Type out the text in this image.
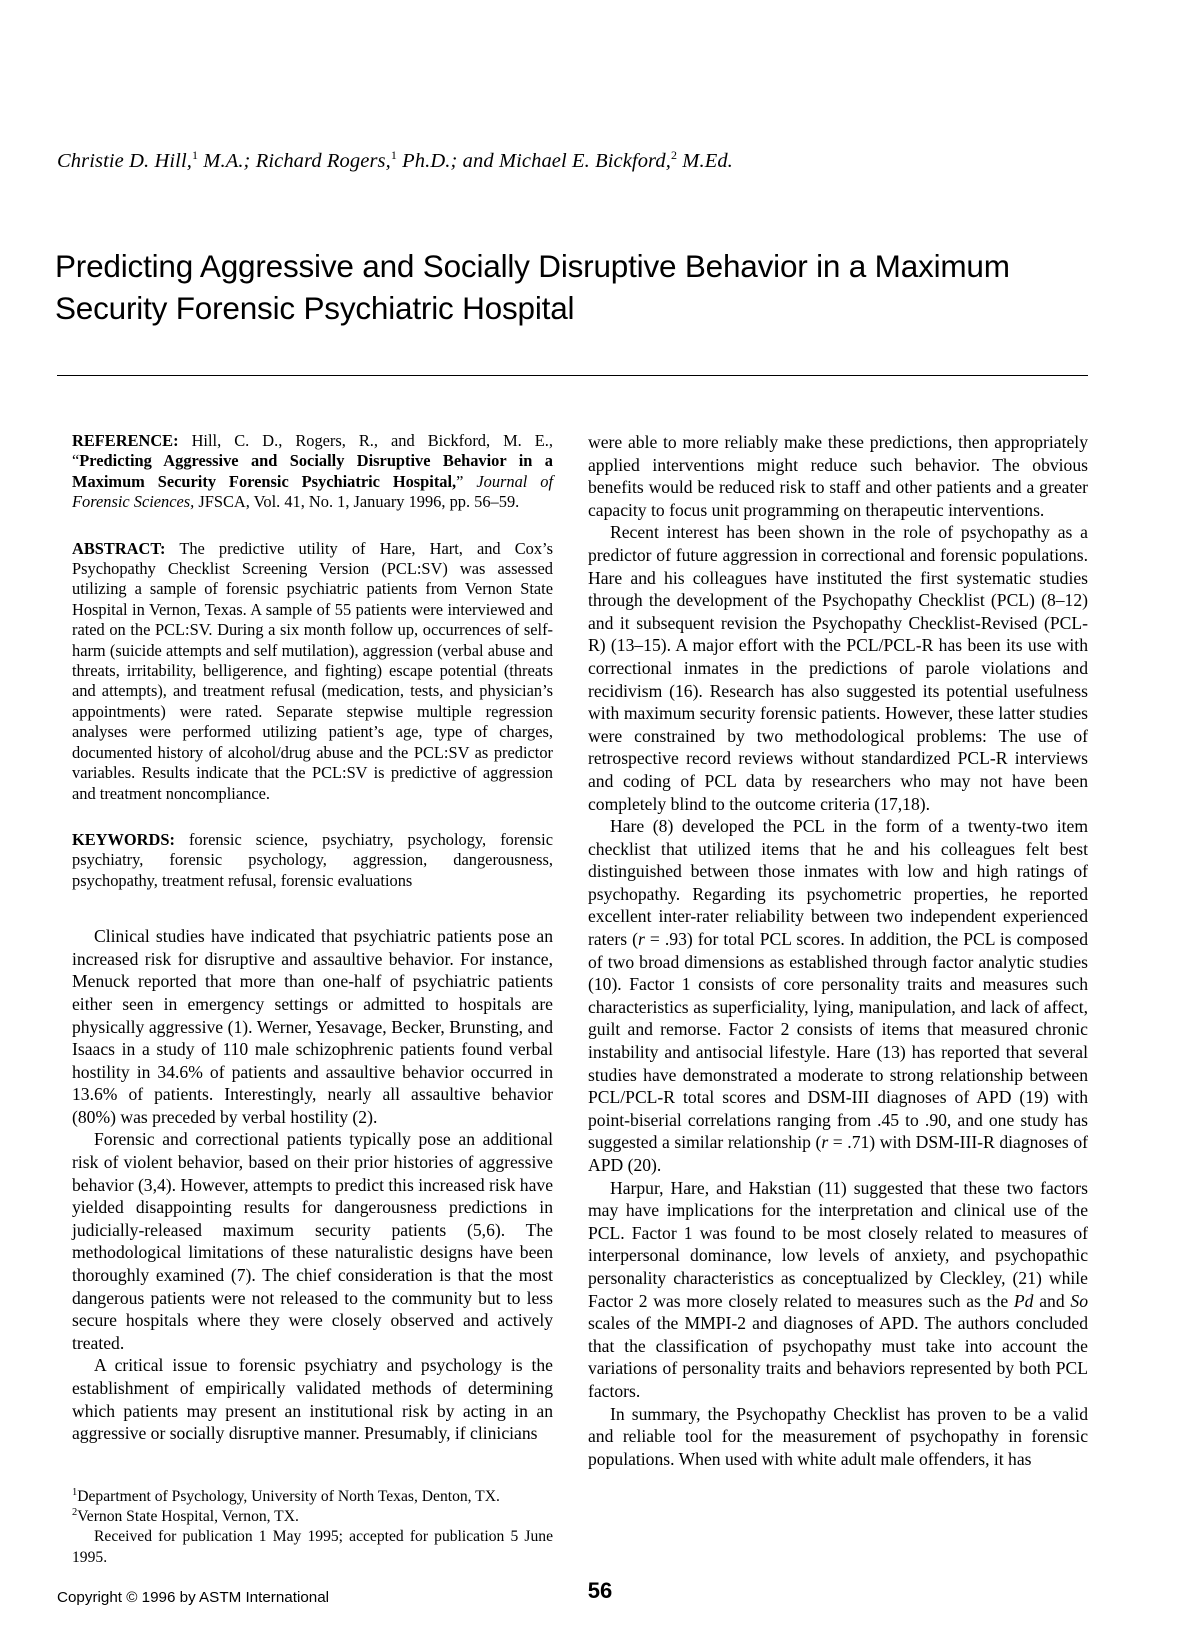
Christie D. Hill,$^1$ M.A.; Richard Rogers,$^1$ Ph.D.; and Michael E. Bickford,$^2$ M.Ed.
Predicting Aggressive and Socially Disruptive Behavior in a Maximum Security Forensic Psychiatric Hospital
REFERENCE: Hill, C. D., Rogers, R., and Bickford, M. E., “Predicting Aggressive and Socially Disruptive Behavior in a Maximum Security Forensic Psychiatric Hospital,” Journal of Forensic Sciences, JFSCA, Vol. 41, No. 1, January 1996, pp. 56–59.
ABSTRACT: The predictive utility of Hare, Hart, and Cox’s Psychopathy Checklist Screening Version (PCL:SV) was assessed utilizing a sample of forensic psychiatric patients from Vernon State Hospital in Vernon, Texas. A sample of 55 patients were interviewed and rated on the PCL:SV. During a six month follow up, occurrences of self-harm (suicide attempts and self mutilation), aggression (verbal abuse and threats, irritability, belligerence, and fighting) escape potential (threats and attempts), and treatment refusal (medication, tests, and physician’s appointments) were rated. Separate stepwise multiple regression analyses were performed utilizing patient’s age, type of charges, documented history of alcohol/drug abuse and the PCL:SV as predictor variables. Results indicate that the PCL:SV is predictive of aggression and treatment noncompliance.
KEYWORDS: forensic science, psychiatry, psychology, forensic psychiatry, forensic psychology, aggression, dangerousness, psychopathy, treatment refusal, forensic evaluations

Clinical studies have indicated that psychiatric patients pose an increased risk for disruptive and assaultive behavior. For instance, Menuck reported that more than one-half of psychiatric patients either seen in emergency settings or admitted to hospitals are physically aggressive (1). Werner, Yesavage, Becker, Brunsting, and Isaacs in a study of 110 male schizophrenic patients found verbal hostility in 34.6% of patients and assaultive behavior occurred in 13.6% of patients. Interestingly, nearly all assaultive behavior (80%) was preceded by verbal hostility (2).

Forensic and correctional patients typically pose an additional risk of violent behavior, based on their prior histories of aggressive behavior (3,4). However, attempts to predict this increased risk have yielded disappointing results for dangerousness predictions in judicially-released maximum security patients (5,6). The methodological limitations of these naturalistic designs have been thoroughly examined (7). The chief consideration is that the most dangerous patients were not released to the community but to less secure hospitals where they were closely observed and actively treated.

A critical issue to forensic psychiatry and psychology is the establishment of empirically validated methods of determining which patients may present an institutional risk by acting in an aggressive or socially disruptive manner. Presumably, if clinicians

were able to more reliably make these predictions, then appropriately applied interventions might reduce such behavior. The obvious benefits would be reduced risk to staff and other patients and a greater capacity to focus unit programming on therapeutic interventions.

Recent interest has been shown in the role of psychopathy as a predictor of future aggression in correctional and forensic populations. Hare and his colleagues have instituted the first systematic studies through the development of the Psychopathy Checklist (PCL) (8–12) and it subsequent revision the Psychopathy Checklist-Revised (PCL-R) (13–15). A major effort with the PCL/PCL-R has been its use with correctional inmates in the predictions of parole violations and recidivism (16). Research has also suggested its potential usefulness with maximum security forensic patients. However, these latter studies were constrained by two methodological problems: The use of retrospective record reviews without standardized PCL-R interviews and coding of PCL data by researchers who may not have been completely blind to the outcome criteria (17,18).

Hare (8) developed the PCL in the form of a twenty-two item checklist that utilized items that he and his colleagues felt best distinguished between those inmates with low and high ratings of psychopathy. Regarding its psychometric properties, he reported excellent inter-rater reliability between two independent experienced raters (r = .93) for total PCL scores. In addition, the PCL is composed of two broad dimensions as established through factor analytic studies (10). Factor 1 consists of core personality traits and measures such characteristics as superficiality, lying, manipulation, and lack of affect, guilt and remorse. Factor 2 consists of items that measured chronic instability and antisocial lifestyle. Hare (13) has reported that several studies have demonstrated a moderate to strong relationship between PCL/PCL-R total scores and DSM-III diagnoses of APD (19) with point-biserial correlations ranging from .45 to .90, and one study has suggested a similar relationship (r = .71) with DSM-III-R diagnoses of APD (20).

Harpur, Hare, and Hakstian (11) suggested that these two factors may have implications for the interpretation and clinical use of the PCL. Factor 1 was found to be most closely related to measures of interpersonal dominance, low levels of anxiety, and psychopathic personality characteristics as conceptualized by Cleckley, (21) while Factor 2 was more closely related to measures such as the Pd and So scales of the MMPI-2 and diagnoses of APD. The authors concluded that the classification of psychopathy must take into account the variations of personality traits and behaviors represented by both PCL factors.

In summary, the Psychopathy Checklist has proven to be a valid and reliable tool for the measurement of psychopathy in forensic populations. When used with white adult male offenders, it has

$^1$Department of Psychology, University of North Texas, Denton, TX.

$^2$Vernon State Hospital, Vernon, TX.

Received for publication 1 May 1995; accepted for publication 5 June 1995.

Copyright © 1996 by ASTM International	56
